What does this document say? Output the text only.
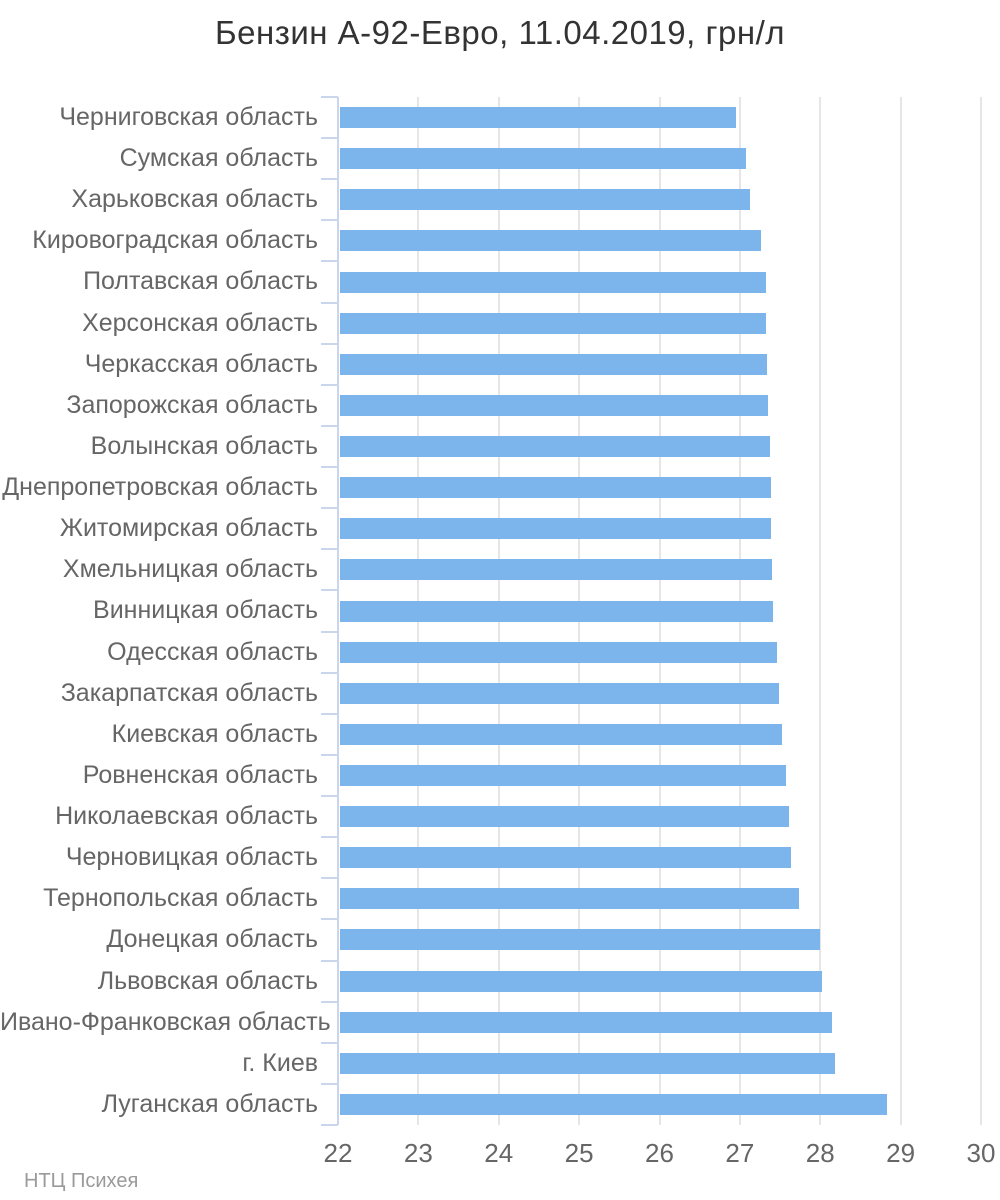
Бензин А-92-Евро, 11.04.2019, грн/л
Черниговская область
Сумская область
Харьковская область
Кировоградская область
Полтавская область
Херсонская область
Черкасская область
Запорожская область
Волынская область
Днепропетровская область
Житомирская область
Хмельницкая область
Винницкая область
Одесская область
Закарпатская область
Киевская область
Ровненская область
Николаевская область
Черновицкая область
Тернопольская область
Донецкая область
Львовская область
Ивано-Франковская область
г. Киев
Луганская область
22 23 24 25 26 27 28 29 30
НТЦ Психея
